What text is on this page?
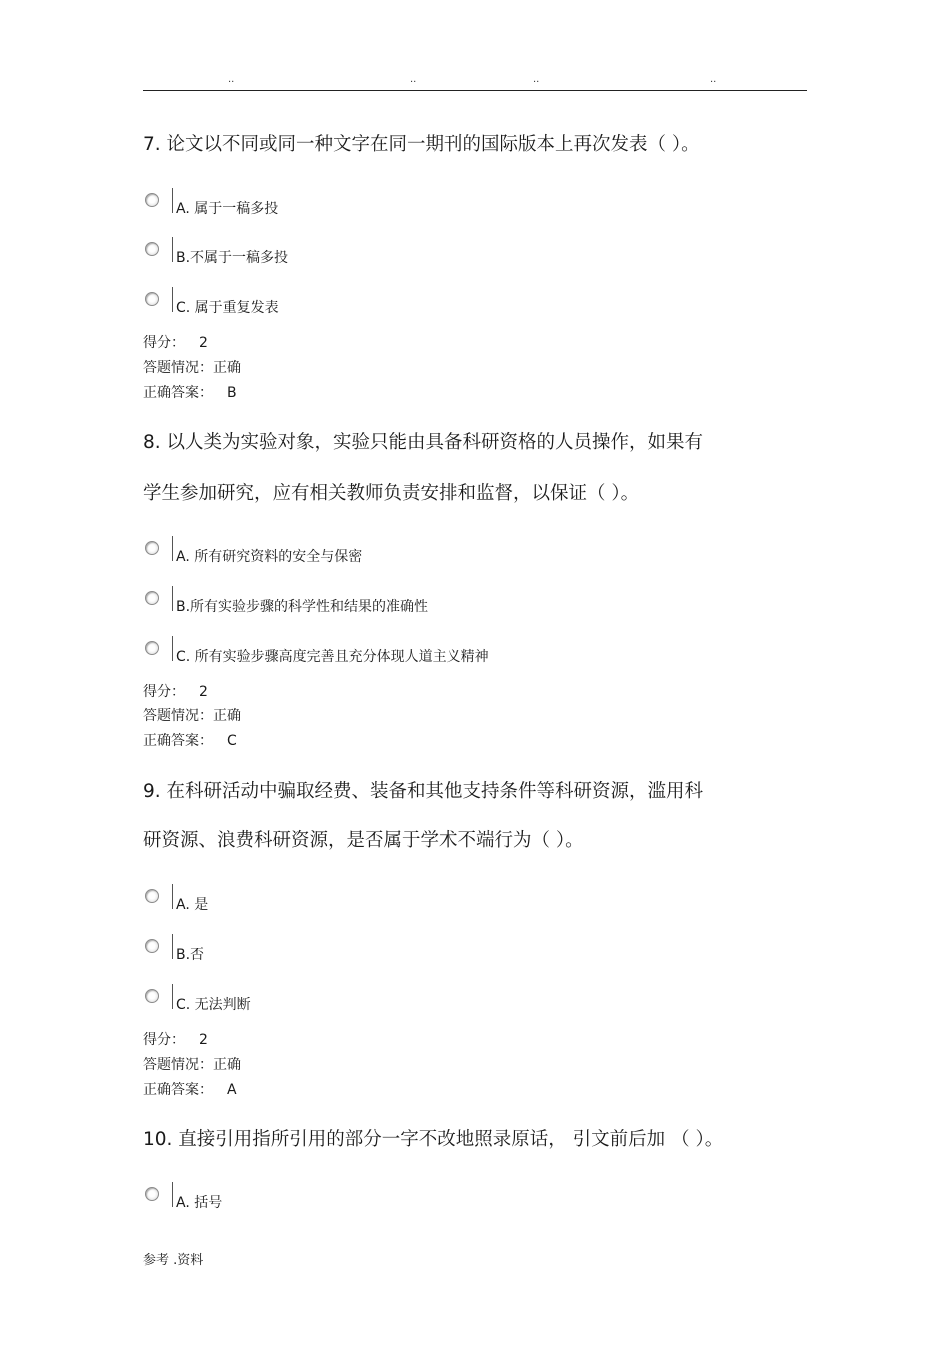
..	..	..	..
7. 论文以不同或同一种文字在同一期刊的国际版本上再次发表（ ）。
A. 属于一稿多投
B.不属于一稿多投
C. 属于重复发表
得分： 2
答题情况：正确
正确答案： B
8. 以人类为实验对象，实验只能由具备科研资格的人员操作，如果有
学生参加研究，应有相关教师负责安排和监督，以保证（ ）。
A. 所有研究资料的安全与保密
B.所有实验步骤的科学性和结果的准确性
C. 所有实验步骤高度完善且充分体现人道主义精神
得分： 2
答题情况：正确
正确答案： C
9. 在科研活动中骗取经费、装备和其他支持条件等科研资源，滥用科
研资源、浪费科研资源，是否属于学术不端行为（ ）。
A. 是
B.否
C. 无法判断
得分： 2
答题情况：正确
正确答案： A
10. 直接引用指所引用的部分一字不改地照录原话， 引文前后加 （ ）。
A. 括号
参考 .资料
